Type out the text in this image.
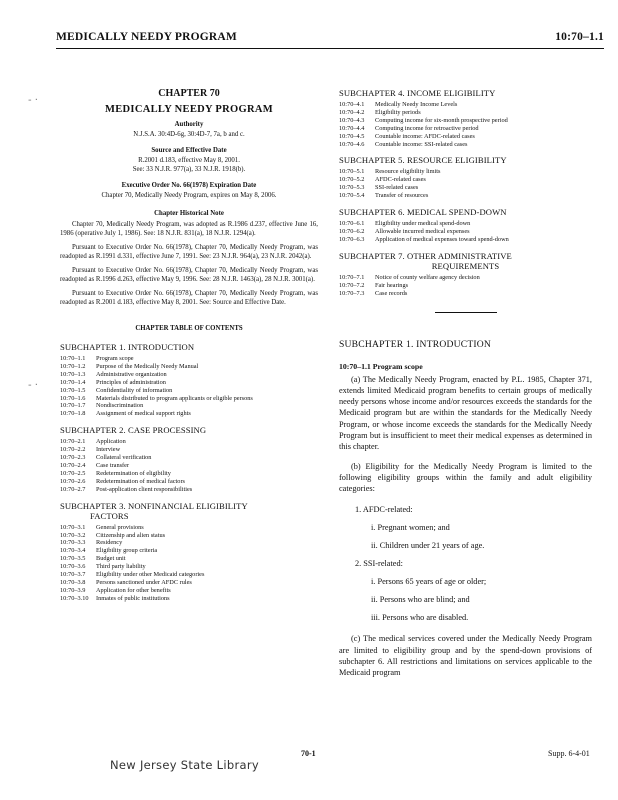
MEDICALLY NEEDY PROGRAM	10:70–1.1
- ·
- ·
CHAPTER 70
MEDICALLY NEEDY PROGRAM
Authority
N.J.S.A. 30:4D-6g, 30:4D-7, 7a, b and c.
Source and Effective Date
R.2001 d.183, effective May 8, 2001.
See: 33 N.J.R. 977(a), 33 N.J.R. 1918(b).
Executive Order No. 66(1978) Expiration Date
Chapter 70, Medically Needy Program, expires on May 8, 2006.
Chapter Historical Note

Chapter 70, Medically Needy Program, was adopted as R.1986 d.237, effective June 16, 1986 (operative July 1, 1986). See: 18 N.J.R. 831(a), 18 N.J.R. 1294(a).

Pursuant to Executive Order No. 66(1978), Chapter 70, Medically Needy Program, was readopted as R.1991 d.331, effective June 7, 1991. See: 23 N.J.R. 964(a), 23 N.J.R. 2042(a).

Pursuant to Executive Order No. 66(1978), Chapter 70, Medically Needy Program, was readopted as R.1996 d.263, effective May 9, 1996. See: 28 N.J.R. 1463(a), 28 N.J.R. 3001(a).

Pursuant to Executive Order No. 66(1978), Chapter 70, Medically Needy Program, was readopted as R.2001 d.183, effective May 8, 2001. See: Source and Effective Date.

CHAPTER TABLE OF CONTENTS
SUBCHAPTER 1. INTRODUCTION
10:70–1.1	Program scope
10:70–1.2	Purpose of the Medically Needy Manual
10:70–1.3	Administrative organization
10:70–1.4	Principles of administration
10:70–1.5	Confidentiality of information
10:70–1.6	Materials distributed to program applicants or eligible persons
10:70–1.7	Nondiscrimination
10:70–1.8	Assignment of medical support rights
SUBCHAPTER 2. CASE PROCESSING
10:70–2.1	Application
10:70–2.2	Interview
10:70–2.3	Collateral verification
10:70–2.4	Case transfer
10:70–2.5	Redetermination of eligibility
10:70–2.6	Redetermination of medical factors
10:70–2.7	Post-application client responsibilities
SUBCHAPTER 3. NONFINANCIAL ELIGIBILITY
FACTORS
10:70–3.1	General provisions
10:70–3.2	Citizenship and alien status
10:70–3.3	Residency
10:70–3.4	Eligibility group criteria
10:70–3.5	Budget unit
10:70–3.6	Third party liability
10:70–3.7	Eligibility under other Medicaid categories
10:70–3.8	Persons sanctioned under AFDC rules
10:70–3.9	Application for other benefits
10:70–3.10	Inmates of public institutions
SUBCHAPTER 4. INCOME ELIGIBILITY
10:70–4.1	Medically Needy Income Levels
10:70–4.2	Eligibility periods
10:70–4.3	Computing income for six-month prospective period
10:70–4.4	Computing income for retroactive period
10:70–4.5	Countable income: AFDC-related cases
10:70–4.6	Countable income: SSI-related cases
SUBCHAPTER 5. RESOURCE ELIGIBILITY
10:70–5.1	Resource eligibility limits
10:70–5.2	AFDC-related cases
10:70–5.3	SSI-related cases
10:70–5.4	Transfer of resources
SUBCHAPTER 6. MEDICAL SPEND-DOWN
10:70–6.1	Eligibility under medical spend-down
10:70–6.2	Allowable incurred medical expenses
10:70–6.3	Application of medical expenses toward spend-down
SUBCHAPTER 7. OTHER ADMINISTRATIVE
REQUIREMENTS
10:70–7.1	Notice of county welfare agency decision
10:70–7.2	Fair hearings
10:70–7.3	Case records
SUBCHAPTER 1. INTRODUCTION
10:70–1.1 Program scope

(a) The Medically Needy Program, enacted by P.L. 1985, Chapter 371, extends limited Medicaid program benefits to certain groups of medically needy persons whose income and/or resources exceeds the standards for the Medicaid program but are within the standards for the Medically Needy Program, or whose income exceeds the standards for the Medically Needy Program but is insufficient to meet their medical expenses as determined in this chapter.

(b) Eligibility for the Medically Needy Program is limited to the following eligibility groups within the family and adult eligibility categories:

1. AFDC-related:
i. Pregnant women; and
ii. Children under 21 years of age.
2. SSI-related:
i. Persons 65 years of age or older;
ii. Persons who are blind; and
iii. Persons who are disabled.

(c) The medical services covered under the Medically Needy Program are limited to eligibility group and by the spend-down provisions of subchapter 6. All restrictions and limitations on services applicable to the Medicaid program

70-1	Supp. 6-4-01
New Jersey State Library
